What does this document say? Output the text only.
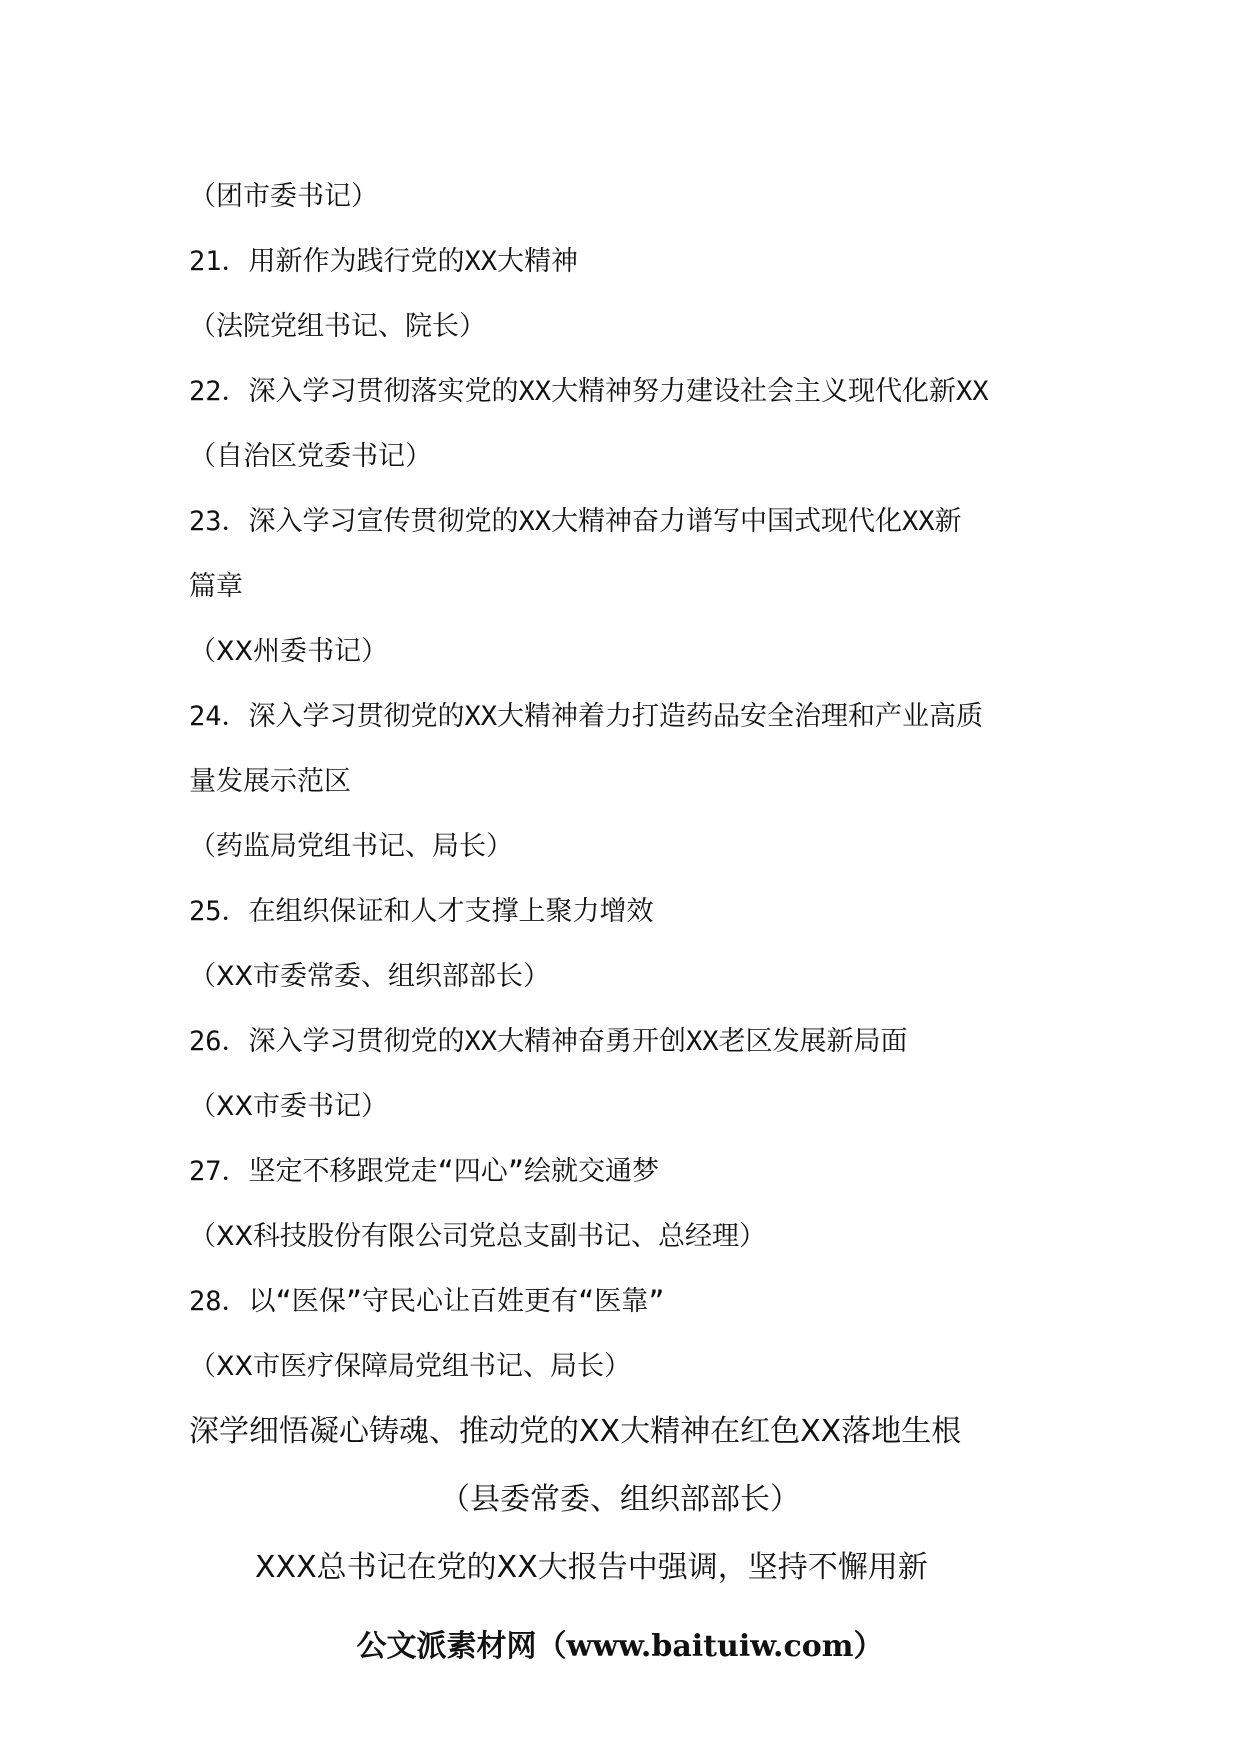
（团市委书记）
21．用新作为践行党的XX大精神
（法院党组书记、院长）
22．深入学习贯彻落实党的XX大精神努力建设社会主义现代化新XX
（自治区党委书记）
23．深入学习宣传贯彻党的XX大精神奋力谱写中国式现代化XX新
篇章
（XX州委书记）
24．深入学习贯彻党的XX大精神着力打造药品安全治理和产业高质
量发展示范区
（药监局党组书记、局长）
25．在组织保证和人才支撑上聚力增效
（XX市委常委、组织部部长）
26．深入学习贯彻党的XX大精神奋勇开创XX老区发展新局面
（XX市委书记）
27．坚定不移跟党走“四心”绘就交通梦
（XX科技股份有限公司党总支副书记、总经理）
28．以“医保”守民心让百姓更有“医靠”
（XX市医疗保障局党组书记、局长）
深学细悟凝心铸魂、推动党的XX大精神在红色XX落地生根
（县委常委、组织部部长）
XXX总书记在党的XX大报告中强调，坚持不懈用新
公文派素材网（www.baituiw.com）
